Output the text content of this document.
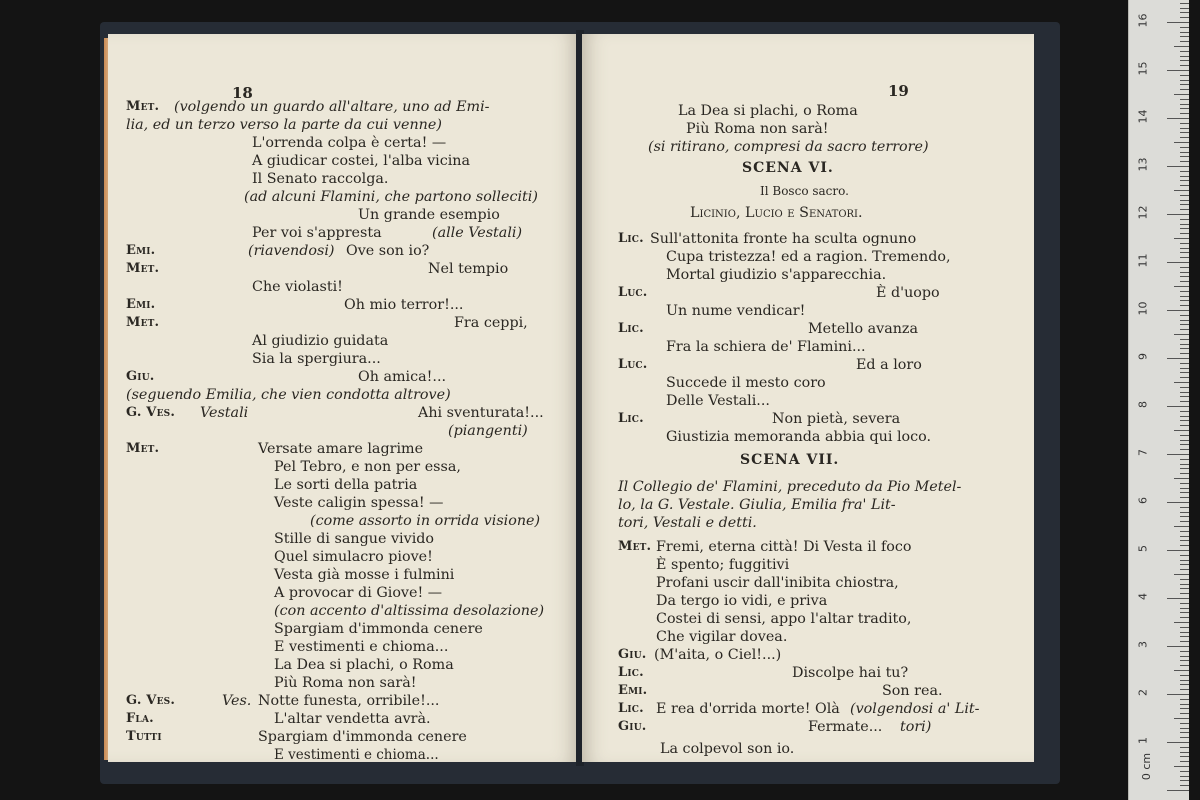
18
Met. (volgendo un guardo all'altare, uno ad Emi-
lia, ed un terzo verso la parte da cui venne)
L'orrenda colpa è certa! —
A giudicar costei, l'alba vicina
Il Senato raccolga.
(ad alcuni Flamini, che partono solleciti)
Un grande esempio
Per voi s'appresta	(alle Vestali)
Emi.	(riavendosi) Ove son io?
Met.	Nel tempio
Che violasti!
Emi.	Oh mio terror!...
Met.	Fra ceppi,
Al giudizio guidata
Sia la spergiura...
Giu.	Oh amica!...
(seguendo Emilia, che vien condotta altrove)
G. Ves. Vestali	Ahi sventurata!...
(piangenti)
Met.	Versate amare lagrime
Pel Tebro, e non per essa,
Le sorti della patria
Veste caligin spessa! —
(come assorto in orrida visione)
Stille di sangue vivido
Quel simulacro piove!
Vesta già mosse i fulmini
A provocar di Giove! —
(con accento d'altissima desolazione)
Spargiam d'immonda cenere
E vestimenti e chioma...
La Dea si plachi, o Roma
Più Roma non sarà!
G. Ves.	Ves. Notte funesta, orribile!...
Fla.	L'altar vendetta avrà.
Tutti	Spargiam d'immonda cenere
E vestimenti e chioma...
19
La Dea si plachi, o Roma
Più Roma non sarà!
(si ritirano, compresi da sacro terrore)
SCENA VI.
Il Bosco sacro.
Licinio, Lucio e Senatori.
Lic. Sull'attonita fronte ha sculta ognuno
Cupa tristezza! ed a ragion. Tremendo,
Mortal giudizio s'apparecchia.
Luc.	È d'uopo
Un nume vendicar!
Lic.	Metello avanza
Fra la schiera de' Flamini...
Luc.	Ed a loro
Succede il mesto coro
Delle Vestali...
Lic.	Non pietà, severa
Giustizia memoranda abbia qui loco.
SCENA VII.
Il Collegio de' Flamini, preceduto da Pio Metel-
lo, la G. Vestale. Giulia, Emilia fra' Lit-
tori, Vestali e detti.
Met. Fremi, eterna città! Di Vesta il foco
È spento; fuggitivi
Profani uscir dall'inibita chiostra,
Da tergo io vidi, e priva
Costei di sensi, appo l'altar tradito,
Che vigilar dovea.
Giu. (M'aita, o Ciel!...)
Lic.	Discolpe hai tu?
Emi.	Son rea.
Lic. E rea d'orrida morte! Olà (volgendosi a' Lit-
Giu.	Fermate... tori)
La colpevol son io.
0 cm
1
2
3
4
5
6
7
8
9
10
11
12
13
14
15
16
